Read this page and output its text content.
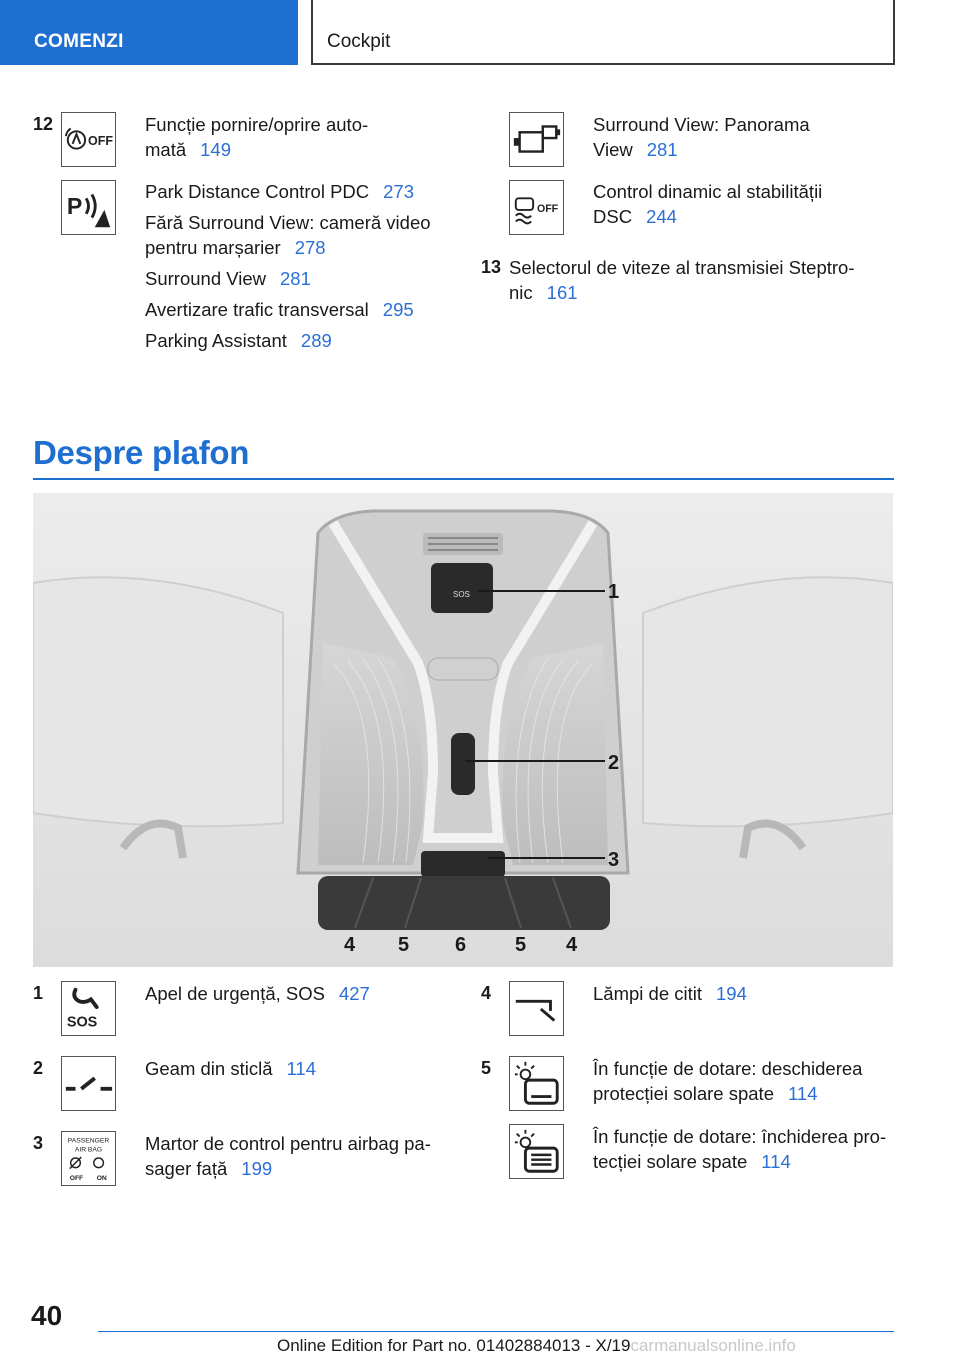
COMENZI	Cockpit
12
OFF
Funcție pornire/oprire auto-
mată 149
P
Park Distance Control PDC 273
Fără Surround View: cameră video
pentru marșarier 278
Surround View 281
Avertizare trafic transversal 295
Parking Assistant 289
Surround View: Panorama
View 281
OFF
Control dinamic al stabilității
DSC 244
13 Selectorul de viteze al transmisiei Steptro-
nic 161
Despre plafon
SOS	1
2
3
4 5 6 5 4
1
SOS
Apel de urgență, SOS 427
2	Geam din sticlă 114
3	PASSENGER
AIR BAG
OFF ON
Martor de control pentru airbag pa-
sager față 199
4	Lămpi de citit 194
5	În funcție de dotare: deschiderea
protecției solare spate 114
În funcție de dotare: închiderea pro-
tecției solare spate 114
40
Online Edition for Part no. 01402884013 - X/19carmanualsonline.info
